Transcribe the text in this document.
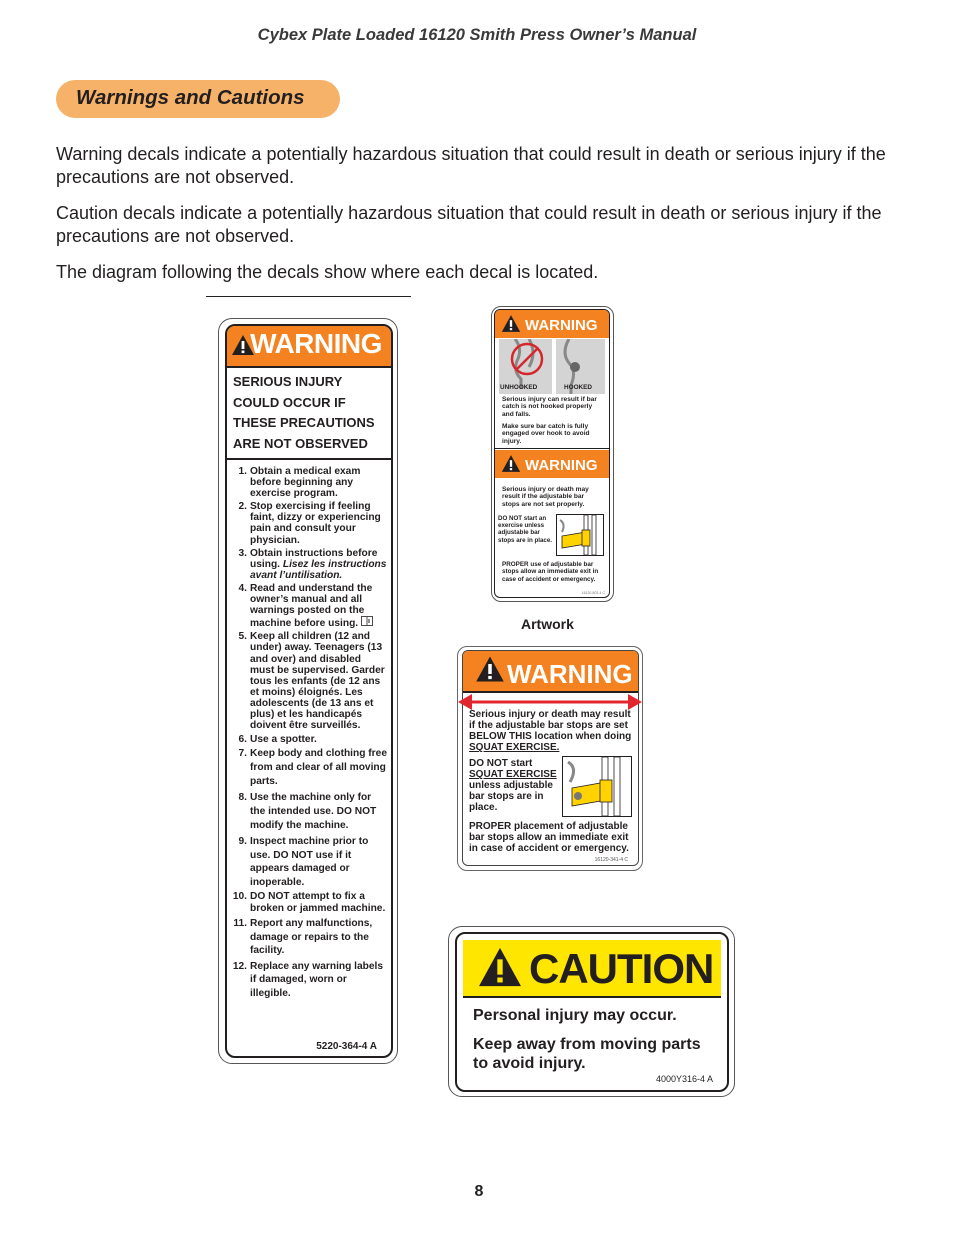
Cybex Plate Loaded 16120 Smith Press Owner’s Manual
Warnings and Cautions
Warning decals indicate a potentially hazardous situation that could result in death or serious injury if the precautions are not observed.
Caution decals indicate a potentially hazardous situation that could result in death or serious injury if the precautions are not observed.
The diagram following the decals show where each decal is located.
WARNING
SERIOUS INJURY
COULD OCCUR IF
THESE PRECAUTIONS
ARE NOT OBSERVED
1. Obtain a medical exam before beginning any exercise program.
2. Stop exercising if feeling faint, dizzy or experiencing pain and consult your physician.
3. Obtain instructions before using. Lisez les instructions avant l’untilisation.
4. Read and understand the owner’s manual and all warnings posted on the machine before using.
5. Keep all children (12 and under) away. Teenagers (13 and over) and disabled must be supervised. Garder tous les enfants (de 12 ans et moins) éloignés. Les adolescents (de 13 ans et plus) et les handicapés doivent être surveillés.
6. Use a spotter.
7. Keep body and clothing free from and clear of all moving parts.
8. Use the machine only for the intended use. DO NOT modify the machine.
9. Inspect machine prior to use. DO NOT use if it appears damaged or inoperable.
10. DO NOT attempt to fix a broken or jammed machine.
11. Report any malfunctions, damage or repairs to the facility.
12. Replace any warning labels if damaged, worn or illegible.
5220-364-4 A
WARNING
UNHOOKED	HOOKED
Serious injury can result if bar catch is not hooked properly and falls.
Make sure bar catch is fully engaged over hook to avoid injury.
WARNING
Serious injury or death may result if the adjustable bar stops are not set properly.
DO NOT start an exercise unless adjustable bar stops are in place.
PROPER use of adjustable bar stops allow an immediate exit in case of accident or emergency.
16120-803-4 C
Artwork
WARNING
Serious injury or death may result if the adjustable bar stops are set BELOW THIS location when doing SQUAT EXERCISE.
DO NOT start
SQUAT EXERCISE
unless adjustable bar stops are in place.
PROPER placement of adjustable bar stops allow an immediate exit in case of accident or emergency.
16120-341-4 C
CAUTION
Personal injury may occur.
Keep away from moving parts to avoid injury.
4000Y316-4 A
8
